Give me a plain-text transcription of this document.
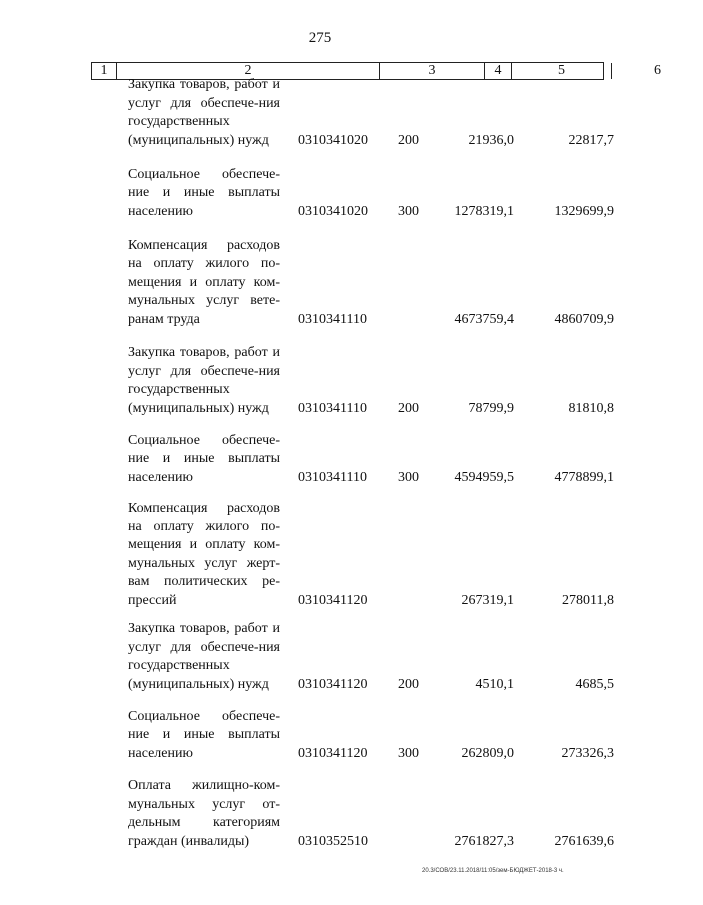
275
1	2	3	4	5	6
Закупка товаров, работ и услуг для обеспече-ния государственных (муниципальных) нужд	0310341020 200	21936,0	22817,7
Социальное обеспече-ние и иные выплаты населению	0310341020 300	1278319,1	1329699,9
Компенсация расходов на оплату жилого по-мещения и оплату ком-мунальных услуг вете-ранам труда	0310341110	4673759,4	4860709,9
Закупка товаров, работ и услуг для обеспече-ния государственных (муниципальных) нужд	0310341110 200	78799,9	81810,8
Социальное обеспече-ние и иные выплаты населению	0310341110 300	4594959,5	4778899,1
Компенсация расходов на оплату жилого по-мещения и оплату ком-мунальных услуг жерт-вам политических ре-прессий	0310341120	267319,1	278011,8
Закупка товаров, работ и услуг для обеспече-ния государственных (муниципальных) нужд	0310341120 200	4510,1	4685,5
Социальное обеспече-ние и иные выплаты населению	0310341120 300	262809,0	273326,3
Оплата жилищно-ком-мунальных услуг от-дельным категориям граждан (инвалиды)	0310352510	2761827,3	2761639,6
20.3/СОВ/23.11.2018/11:05/зем-БЮДЖЕТ-2018-3 ч.
